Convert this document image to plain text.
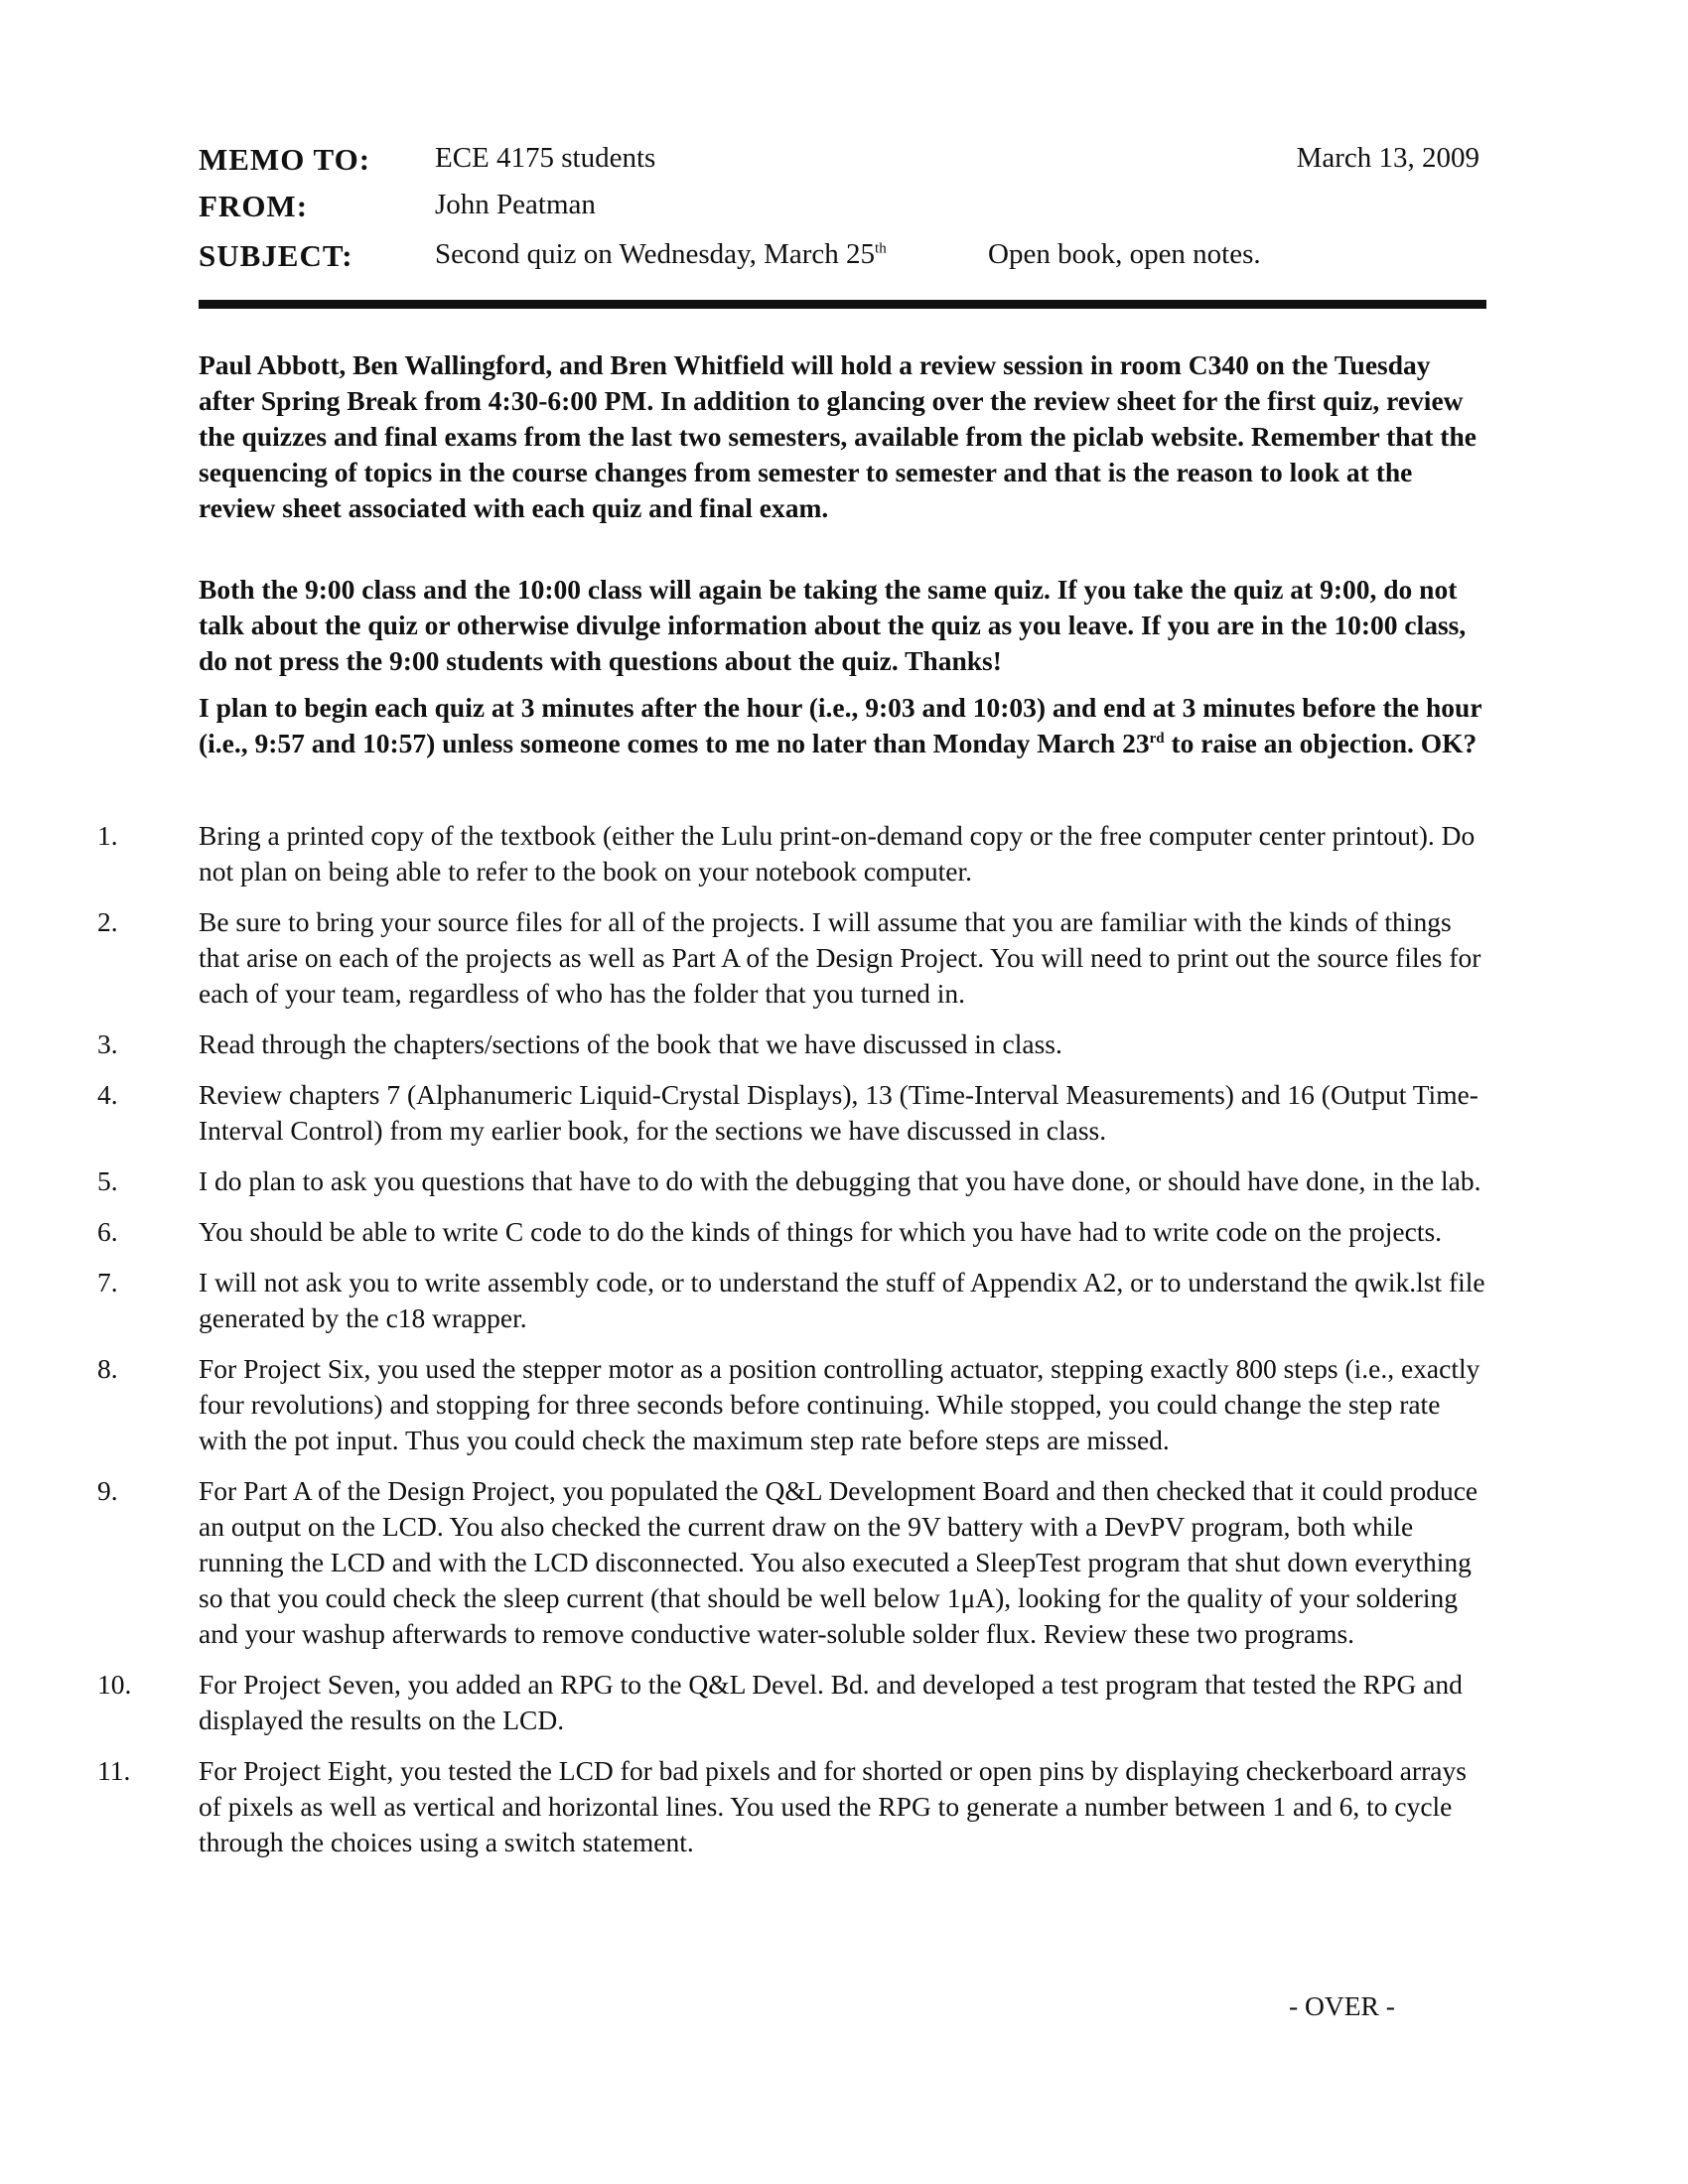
MEMO TO: ECE 4175 students	March 13, 2009
FROM:	John Peatman
SUBJECT:	Second quiz on Wednesday, March 25th	Open book, open notes.
Paul Abbott, Ben Wallingford, and Bren Whitfield will hold a review session in room C340 on the Tuesday after Spring Break from 4:30-6:00 PM. In addition to glancing over the review sheet for the first quiz, review the quizzes and final exams from the last two semesters, available from the piclab website. Remember that the sequencing of topics in the course changes from semester to semester and that is the reason to look at the review sheet associated with each quiz and final exam.
Both the 9:00 class and the 10:00 class will again be taking the same quiz. If you take the quiz at 9:00, do not talk about the quiz or otherwise divulge information about the quiz as you leave. If you are in the 10:00 class, do not press the 9:00 students with questions about the quiz. Thanks!
I plan to begin each quiz at 3 minutes after the hour (i.e., 9:03 and 10:03) and end at 3 minutes before the hour (i.e., 9:57 and 10:57) unless someone comes to me no later than Monday March 23rd to raise an objection. OK?
1.	Bring a printed copy of the textbook (either the Lulu print-on-demand copy or the free computer center printout). Do not plan on being able to refer to the book on your notebook computer.
2.	Be sure to bring your source files for all of the projects. I will assume that you are familiar with the kinds of things that arise on each of the projects as well as Part A of the Design Project. You will need to print out the source files for each of your team, regardless of who has the folder that you turned in.
3.	Read through the chapters/sections of the book that we have discussed in class.
4.	Review chapters 7 (Alphanumeric Liquid-Crystal Displays), 13 (Time-Interval Measurements) and 16 (Output Time-Interval Control) from my earlier book, for the sections we have discussed in class.
5.	I do plan to ask you questions that have to do with the debugging that you have done, or should have done, in the lab.
6.	You should be able to write C code to do the kinds of things for which you have had to write code on the projects.
7.	I will not ask you to write assembly code, or to understand the stuff of Appendix A2, or to understand the qwik.lst file generated by the c18 wrapper.
8.	For Project Six, you used the stepper motor as a position controlling actuator, stepping exactly 800 steps (i.e., exactly four revolutions) and stopping for three seconds before continuing. While stopped, you could change the step rate with the pot input. Thus you could check the maximum step rate before steps are missed.
9.	For Part A of the Design Project, you populated the Q&L Development Board and then checked that it could produce an output on the LCD. You also checked the current draw on the 9V battery with a DevPV program, both while running the LCD and with the LCD disconnected. You also executed a SleepTest program that shut down everything so that you could check the sleep current (that should be well below 1μA), looking for the quality of your soldering and your washup afterwards to remove conductive water-soluble solder flux. Review these two programs.
10. For Project Seven, you added an RPG to the Q&L Devel. Bd. and developed a test program that tested the RPG and displayed the results on the LCD.
11. For Project Eight, you tested the LCD for bad pixels and for shorted or open pins by displaying checkerboard arrays of pixels as well as vertical and horizontal lines. You used the RPG to generate a number between 1 and 6, to cycle through the choices using a switch statement.
- OVER -
